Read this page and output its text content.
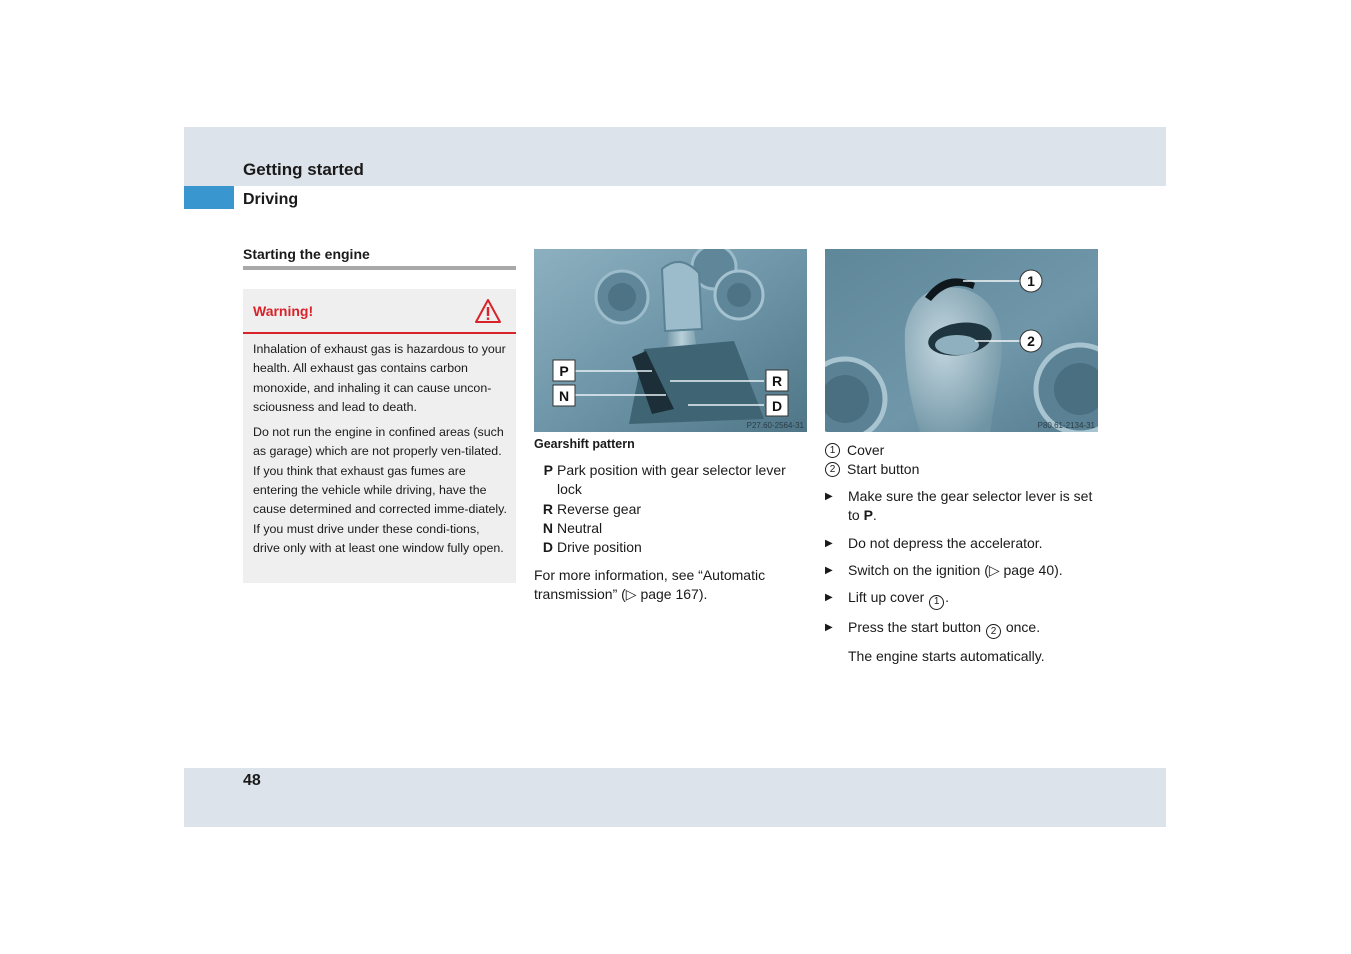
Getting started
Driving
Starting the engine
Warning!

Inhalation of exhaust gas is hazardous to your health. All exhaust gas contains carbon monoxide, and inhaling it can cause uncon-sciousness and lead to death.

Do not run the engine in confined areas (such as garage) which are not properly ven-tilated. If you think that exhaust gas fumes are entering the vehicle while driving, have the cause determined and corrected imme-diately. If you must drive under these condi-tions, drive only with at least one window fully open.

P
N
R
D
P27.60-2564-31
Gearshift pattern
P Park position with gear selector lever lock
R Reverse gear
N Neutral
D Drive position

For more information, see “Automatic transmission” (▷ page 167).

1
2
P80.61-2134-31
1 Cover
2 Start button
▶ Make sure the gear selector lever is set to P.
▶ Do not depress the accelerator.
▶ Switch on the ignition (▷ page 40).
▶ Lift up cover 1 .
▶ Press the start button 2 once.
The engine starts automatically.
48
